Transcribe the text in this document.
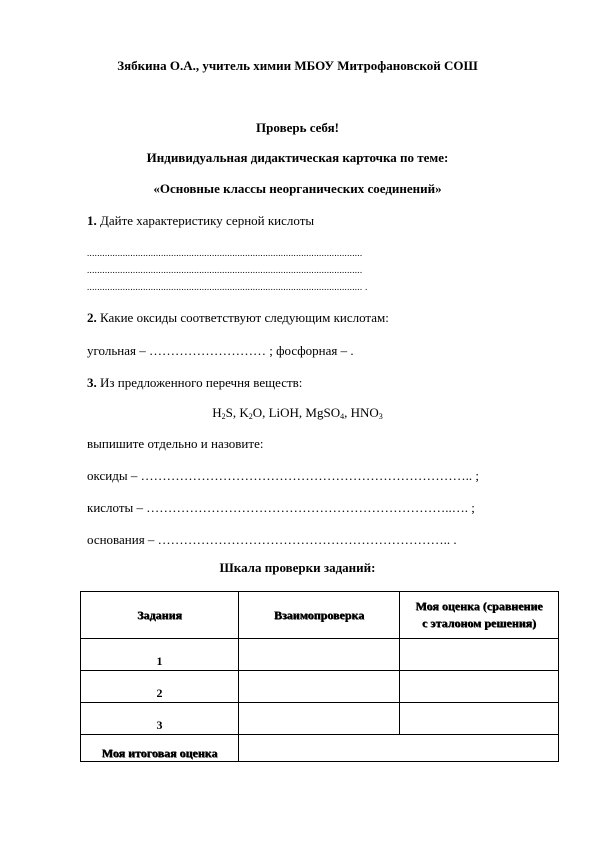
Зябкина О.А., учитель химии МБОУ Митрофановской СОШ
Проверь себя!
Индивидуальная дидактическая карточка по теме:
«Основные классы неорганических соединений»
1. Дайте характеристику серной кислоты
............................................................................................................
............................................................................................................
............................................................................................................ .
2. Какие оксиды соответствуют следующим кислотам:
угольная – ……………………… ; фосфорная – .
3. Из предложенного перечня веществ:
$H_2S$, $K_2O$, LiOH, MgSO$_4$, $HNO_3$
выпишите отдельно и назовите:
оксиды – ………………………………………………………………….. ;
кислоты – ……………………………………………………………..…. ;
основания – ………………………………………………………….. .
Шкала проверки заданий:
Задания	Взаимопроверка	Моя оценка (сравнение
с эталоном решения)
1		
2		
3		
Моя итоговая оценка		
